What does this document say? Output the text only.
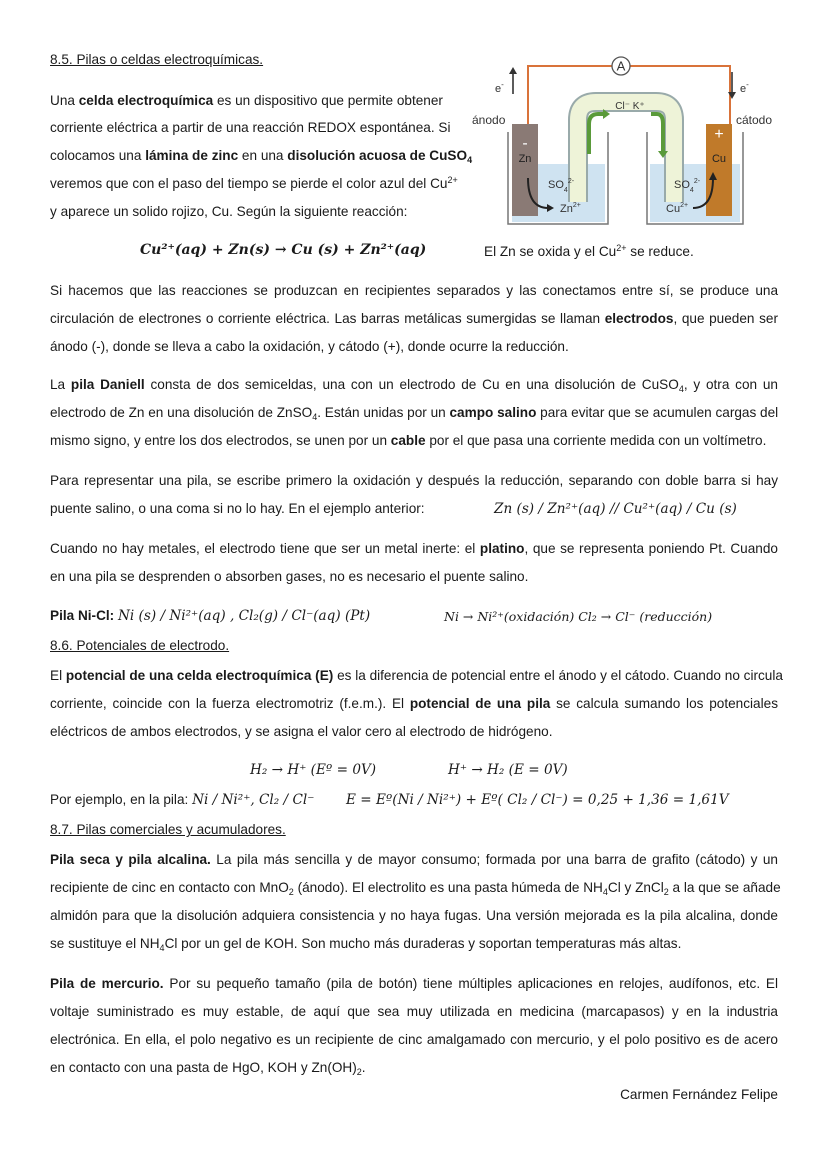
8.5. Pilas o celdas electroquímicas.
Una celda electroquímica es un dispositivo que permite obtener
corriente eléctrica a partir de una reacción REDOX espontánea. Si
colocamos una lámina de zinc en una disolución acuosa de CuSO$_4$
veremos que con el paso del tiempo se pierde el color azul del $Cu^{2+}$
y aparece un solido rojizo, Cu. Según la siguiente reacción:
A
e-	e-
ánodo	cátodo
-
+
Zn	Cu
Cl⁻ K⁺
$SO_4^{2-}$	$SO_4^{2-}$
$Zn^{2+}$	$Cu^{2+}$
Cu²⁺(aq) + Zn(s) → Cu (s) + Zn²⁺(aq)	El Zn se oxida y el $Cu^{2+}$ se reduce.
Si hacemos que las reacciones se produzcan en recipientes separados y las conectamos entre sí, se produce una
circulación de electrones o corriente eléctrica. Las barras metálicas sumergidas se llaman electrodos, que pueden ser
ánodo (-), donde se lleva a cabo la oxidación, y cátodo (+), donde ocurre la reducción.
La pila Daniell consta de dos semiceldas, una con un electrodo de Cu en una disolución de CuSO$_4$, y otra con un
electrodo de Zn en una disolución de ZnSO$_4$. Están unidas por un campo salino para evitar que se acumulen cargas del
mismo signo, y entre los dos electrodos, se unen por un cable por el que pasa una corriente medida con un voltímetro.
Para representar una pila, se escribe primero la oxidación y después la reducción, separando con doble barra si hay
puente salino, o una coma si no lo hay. En el ejemplo anterior:	Zn (s) / Zn²⁺(aq) // Cu²⁺(aq) / Cu (s)
Cuando no hay metales, el electrodo tiene que ser un metal inerte: el platino, que se representa poniendo Pt. Cuando
en una pila se desprenden o absorben gases, no es necesario el puente salino.
Pila Ni-Cl: Ni (s) / Ni²⁺(aq) , Cl₂(g) / Cl⁻(aq) (Pt)	Ni → Ni²⁺(oxidación) Cl₂ → Cl⁻ (reducción)
8.6. Potenciales de electrodo.
El potencial de una celda electroquímica (E) es la diferencia de potencial entre el ánodo y el cátodo. Cuando no circula
corriente, coincide con la fuerza electromotriz (f.e.m.). El potencial de una pila se calcula sumando los potenciales
eléctricos de ambos electrodos, y se asigna el valor cero al electrodo de hidrógeno.
H₂ → H⁺ (Eº = 0V)	H⁺ → H₂ (E = 0V)
Por ejemplo, en la pila: Ni / Ni²⁺, Cl₂ / Cl⁻ E = Eº(Ni / Ni²⁺) + Eº( Cl₂ / Cl⁻) = 0,25 + 1,36 = 1,61V
8.7. Pilas comerciales y acumuladores.
Pila seca y pila alcalina. La pila más sencilla y de mayor consumo; formada por una barra de grafito (cátodo) y un
recipiente de cinc en contacto con MnO$_2$ (ánodo). El electrolito es una pasta húmeda de $NH_4Cl$ y ZnCl$_2$ a la que se añade
almidón para que la disolución adquiera consistencia y no haya fugas. Una versión mejorada es la pila alcalina, donde
se sustituye el $NH_4Cl$ por un gel de KOH. Son mucho más duraderas y soportan temperaturas más altas.
Pila de mercurio. Por su pequeño tamaño (pila de botón) tiene múltiples aplicaciones en relojes, audífonos, etc. El
voltaje suministrado es muy estable, de aquí que sea muy utilizada en medicina (marcapasos) y en la industria
electrónica. En ella, el polo negativo es un recipiente de cinc amalgamado con mercurio, y el polo positivo es de acero
en contacto con una pasta de HgO, KOH y $Zn(OH)_2$.
Carmen Fernández Felipe
